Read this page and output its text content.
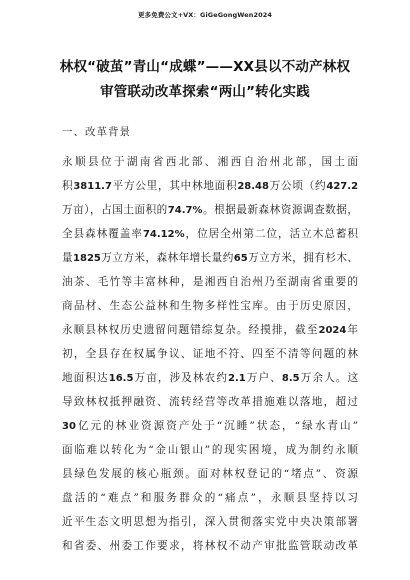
更多免费公文+VX：GiGeGongWen2024
林权“破茧”青山“成蝶”——XX县以不动产林权
审管联动改革探索“两山”转化实践
一、改革背景
永顺县位于湖南省西北部、湘西自治州北部，国土面
积3811.7平方公里，其中林地面积28.48万公顷（约427.2
万亩），占国土面积的74.7%。根据最新森林资源调查数据，
全县森林覆盖率74.12%，位居全州第二位，活立木总蓄积
量1825万立方米，森林年增长量约65万立方米，拥有杉木、
油茶、毛竹等丰富林种，是湘西自治州乃至湖南省重要的
商品材、生态公益林和生物多样性宝库。由于历史原因，
永顺县林权历史遗留问题错综复杂。经摸排，截至2024年
初，全县存在权属争议、证地不符、四至不清等问题的林
地面积达16.5万亩，涉及林农约2.1万户、8.5万余人。这
导致林权抵押融资、流转经营等改革措施难以落地，超过
30亿元的林业资源资产处于“沉睡”状态，“绿水青山”
面临难以转化为“金山银山”的现实困境，成为制约永顺
县绿色发展的核心瓶颈。面对林权登记的“堵点”、资源
盘活的“难点”和服务群众的“痛点”，永顺县坚持以习
近平生态文明思想为指引，深入贯彻落实党中央决策部署
和省委、州委工作要求，将林权不动产审批监管联动改革
